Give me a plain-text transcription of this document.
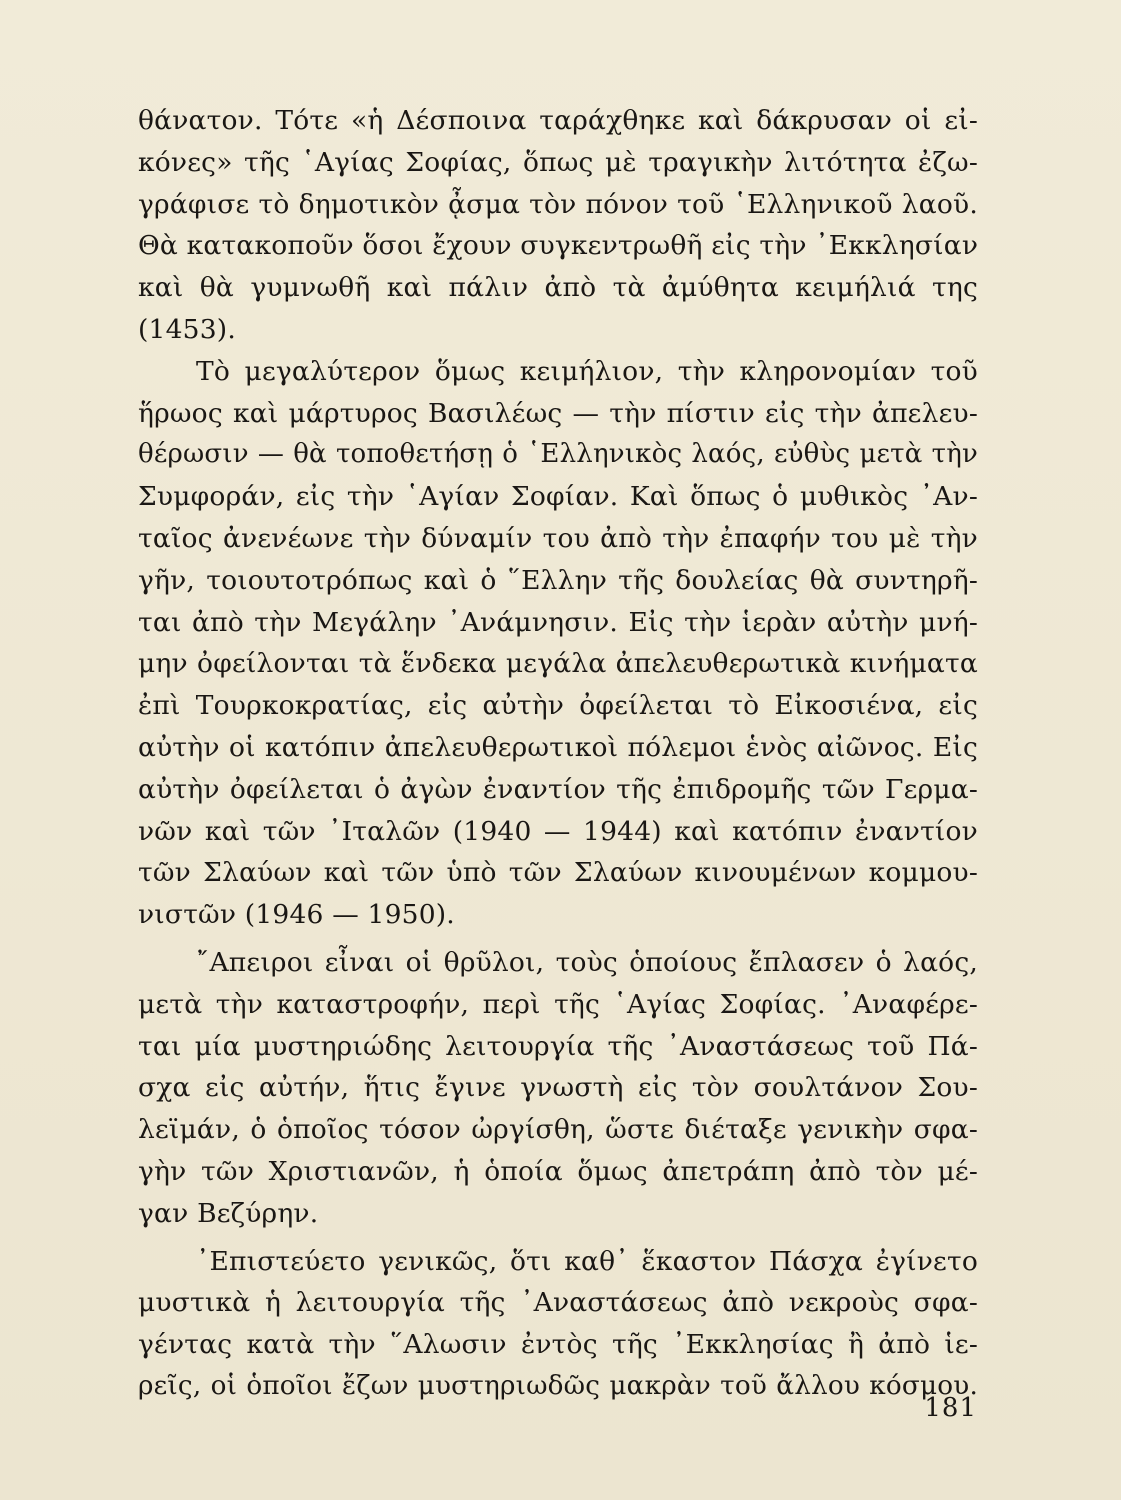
θάνατον. Τότε «ἡ Δέσποινα ταράχθηκε καὶ δάκρυσαν οἱ εἰ-
κόνες» τῆς ῾Αγίας Σοφίας, ὅπως μὲ τραγικὴν λιτότητα ἐζω-
γράφισε τὸ δημοτικὸν ᾆσμα τὸν πόνον τοῦ ῾Ελληνικοῦ λαοῦ.
Θὰ κατακοποῦν ὅσοι ἔχουν συγκεντρωθῆ εἰς τὴν ᾿Εκκλησίαν
καὶ θὰ γυμνωθῆ καὶ πάλιν ἀπὸ τὰ ἀμύθητα κειμήλιά της
(1453).
Τὸ μεγαλύτερον ὅμως κειμήλιον, τὴν κληρονομίαν τοῦ
ἥρωος καὶ μάρτυρος Βασιλέως — τὴν πίστιν εἰς τὴν ἀπελευ-
θέρωσιν — θὰ τοποθετήσῃ ὁ ῾Ελληνικὸς λαός, εὐθὺς μετὰ τὴν
Συμφοράν, εἰς τὴν ῾Αγίαν Σοφίαν. Καὶ ὅπως ὁ μυθικὸς ᾿Αν-
ταῖος ἀνενέωνε τὴν δύναμίν του ἀπὸ τὴν ἐπαφήν του μὲ τὴν
γῆν, τοιουτοτρόπως καὶ ὁ ῞Ελλην τῆς δουλείας θὰ συντηρῆ-
ται ἀπὸ τὴν Μεγάλην ᾿Ανάμνησιν. Εἰς τὴν ἱερὰν αὐτὴν μνή-
μην ὀφείλονται τὰ ἕνδεκα μεγάλα ἀπελευθερωτικὰ κινήματα
ἐπὶ Τουρκοκρατίας, εἰς αὐτὴν ὀφείλεται τὸ Εἰκοσιένα, εἰς
αὐτὴν οἱ κατόπιν ἀπελευθερωτικοὶ πόλεμοι ἑνὸς αἰῶνος. Εἰς
αὐτὴν ὀφείλεται ὁ ἀγὼν ἐναντίον τῆς ἐπιδρομῆς τῶν Γερμα-
νῶν καὶ τῶν ᾿Ιταλῶν (1940 — 1944) καὶ κατόπιν ἐναντίον
τῶν Σλαύων καὶ τῶν ὑπὸ τῶν Σλαύων κινουμένων κομμου-
νιστῶν (1946 — 1950).
῎Απειροι εἶναι οἱ θρῦλοι, τοὺς ὁποίους ἔπλασεν ὁ λαός,
μετὰ τὴν καταστροφήν, περὶ τῆς ῾Αγίας Σοφίας. ᾿Αναφέρε-
ται μία μυστηριώδης λειτουργία τῆς ᾿Αναστάσεως τοῦ Πά-
σχα εἰς αὐτήν, ἥτις ἔγινε γνωστὴ εἰς τὸν σουλτάνον Σου-
λεϊμάν, ὁ ὁποῖος τόσον ὠργίσθη, ὥστε διέταξε γενικὴν σφα-
γὴν τῶν Χριστιανῶν, ἡ ὁποία ὅμως ἀπετράπη ἀπὸ τὸν μέ-
γαν Βεζύρην.
᾿Επιστεύετο γενικῶς, ὅτι καθ᾿ ἕκαστον Πάσχα ἐγίνετο
μυστικὰ ἡ λειτουργία τῆς ᾿Αναστάσεως ἀπὸ νεκροὺς σφα-
γέντας κατὰ τὴν ῞Αλωσιν ἐντὸς τῆς ᾿Εκκλησίας ἢ ἀπὸ ἱε-
ρεῖς, οἱ ὁποῖοι ἔζων μυστηριωδῶς μακρὰν τοῦ ἄλλου κόσμου.
181
